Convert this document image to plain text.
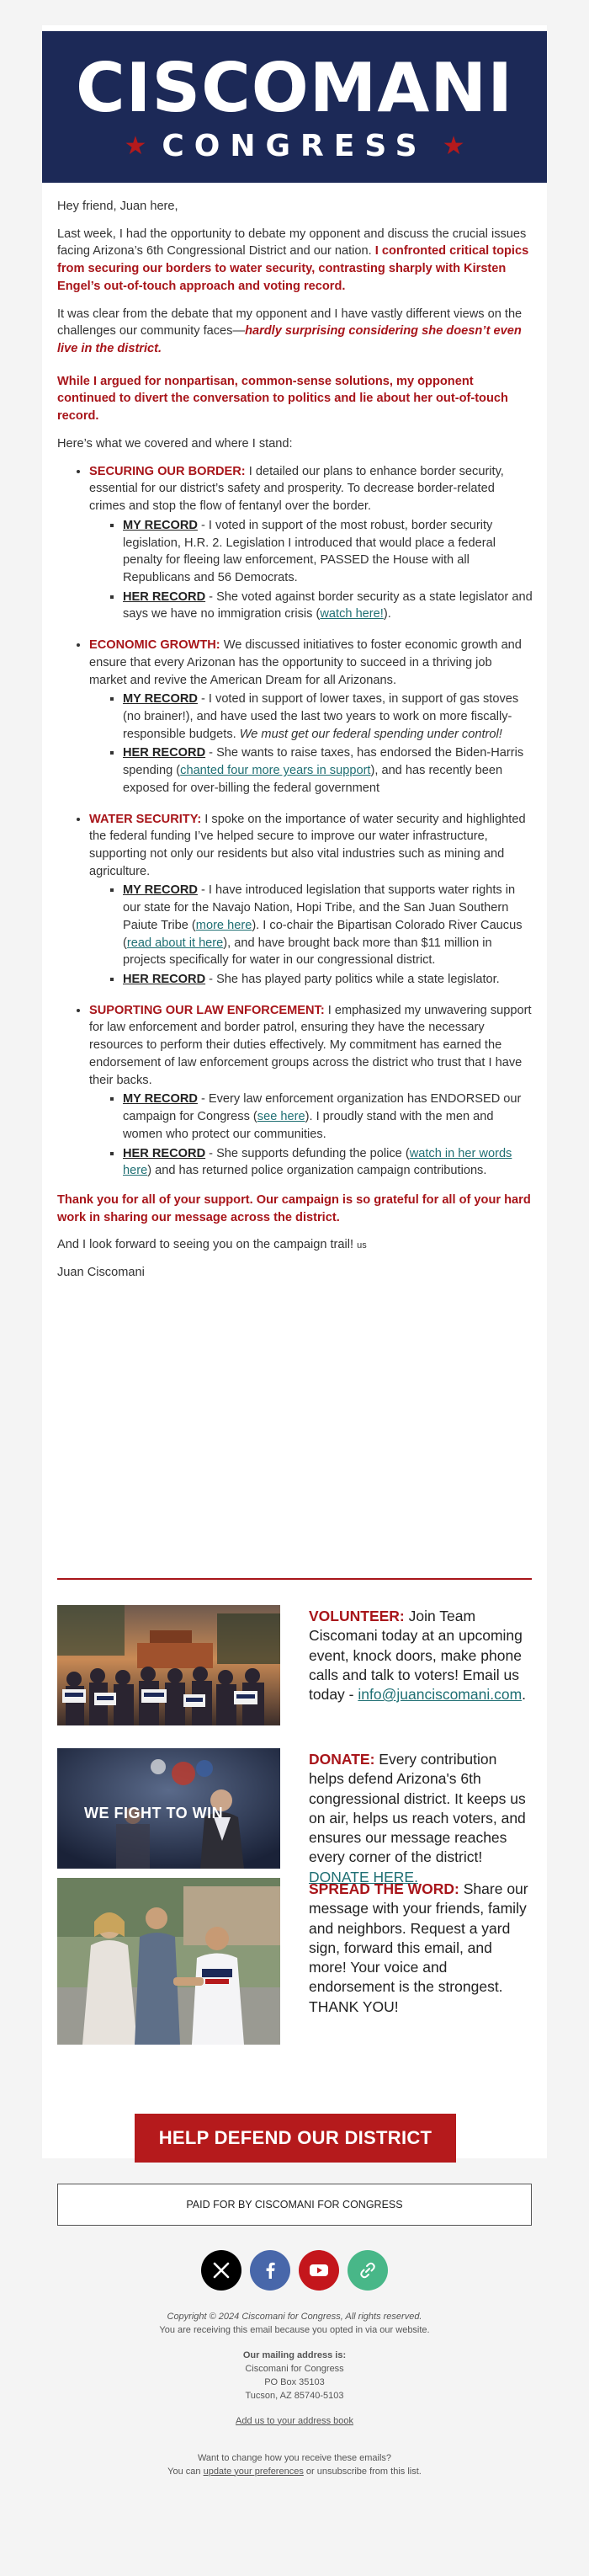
CISCOMANI
★ CONGRESS ★

Hey friend, Juan here,

Last week, I had the opportunity to debate my opponent and discuss the crucial issues facing Arizona’s 6th Congressional District and our nation. I confronted critical topics from securing our borders to water security, contrasting sharply with Kirsten Engel’s out-of-touch approach and voting record.

It was clear from the debate that my opponent and I have vastly different views on the challenges our community faces—hardly surprising considering she doesn’t even live in the district.

While I argued for nonpartisan, common-sense solutions, my opponent continued to divert the conversation to politics and lie about her out-of-touch record.

Here’s what we covered and where I stand:

• SECURING OUR BORDER: I detailed our plans to enhance border security, essential for our district’s safety and prosperity. To decrease border-related crimes and stop the flow of fentanyl over the border.
▪ MY RECORD - I voted in support of the most robust, border security legislation, H.R. 2. Legislation I introduced that would place a federal penalty for fleeing law enforcement, PASSED the House with all Republicans and 56 Democrats.
▪ HER RECORD - She voted against border security as a state legislator and says we have no immigration crisis (watch here!).
• ECONOMIC GROWTH: We discussed initiatives to foster economic growth and ensure that every Arizonan has the opportunity to succeed in a thriving job market and revive the American Dream for all Arizonans.
▪ MY RECORD - I voted in support of lower taxes, in support of gas stoves (no brainer!), and have used the last two years to work on more fiscally-responsible budgets. We must get our federal spending under control!
▪ HER RECORD - She wants to raise taxes, has endorsed the Biden-Harris spending (chanted four more years in support), and has recently been exposed for over-billing the federal government
• WATER SECURITY: I spoke on the importance of water security and highlighted the federal funding I’ve helped secure to improve our water infrastructure, supporting not only our residents but also vital industries such as mining and agriculture.
▪ MY RECORD - I have introduced legislation that supports water rights in our state for the Navajo Nation, Hopi Tribe, and the San Juan Southern Paiute Tribe (more here). I co-chair the Bipartisan Colorado River Caucus (read about it here), and have brought back more than $11 million in projects specifically for water in our congressional district.
▪ HER RECORD - She has played party politics while a state legislator.
• SUPORTING OUR LAW ENFORCEMENT: I emphasized my unwavering support for law enforcement and border patrol, ensuring they have the necessary resources to perform their duties effectively. My commitment has earned the endorsement of law enforcement groups across the district who trust that I have their backs.
▪ MY RECORD - Every law enforcement organization has ENDORSED our campaign for Congress (see here). I proudly stand with the men and women who protect our communities.
▪ HER RECORD - She supports defunding the police (watch in her words here) and has returned police organization campaign contributions.

Thank you for all of your support. Our campaign is so grateful for all of your hard work in sharing our message across the district.

And I look forward to seeing you on the campaign trail! us

Juan Ciscomani

VOLUNTEER: Join Team Ciscomani today at an upcoming event, knock doors, make phone calls and talk to voters! Email us today - info@juanciscomani.com.
WE FIGHT TO WIN
DONATE: Every contribution helps defend Arizona's 6th congressional district. It keeps us on air, helps us reach voters, and ensures our message reaches every corner of the district! DONATE HERE.
SPREAD THE WORD: Share our message with your friends, family and neighbors. Request a yard sign, forward this email, and more! Your voice and endorsement is the strongest. THANK YOU!
HELP DEFEND OUR DISTRICT
PAID FOR BY CISCOMANI FOR CONGRESS
Copyright © 2024 Ciscomani for Congress, All rights reserved.
You are receiving this email because you opted in via our website.
Our mailing address is:
Ciscomani for Congress
PO Box 35103
Tucson, AZ 85740-5103
Add us to your address book
Want to change how you receive these emails?
You can update your preferences or unsubscribe from this list.
